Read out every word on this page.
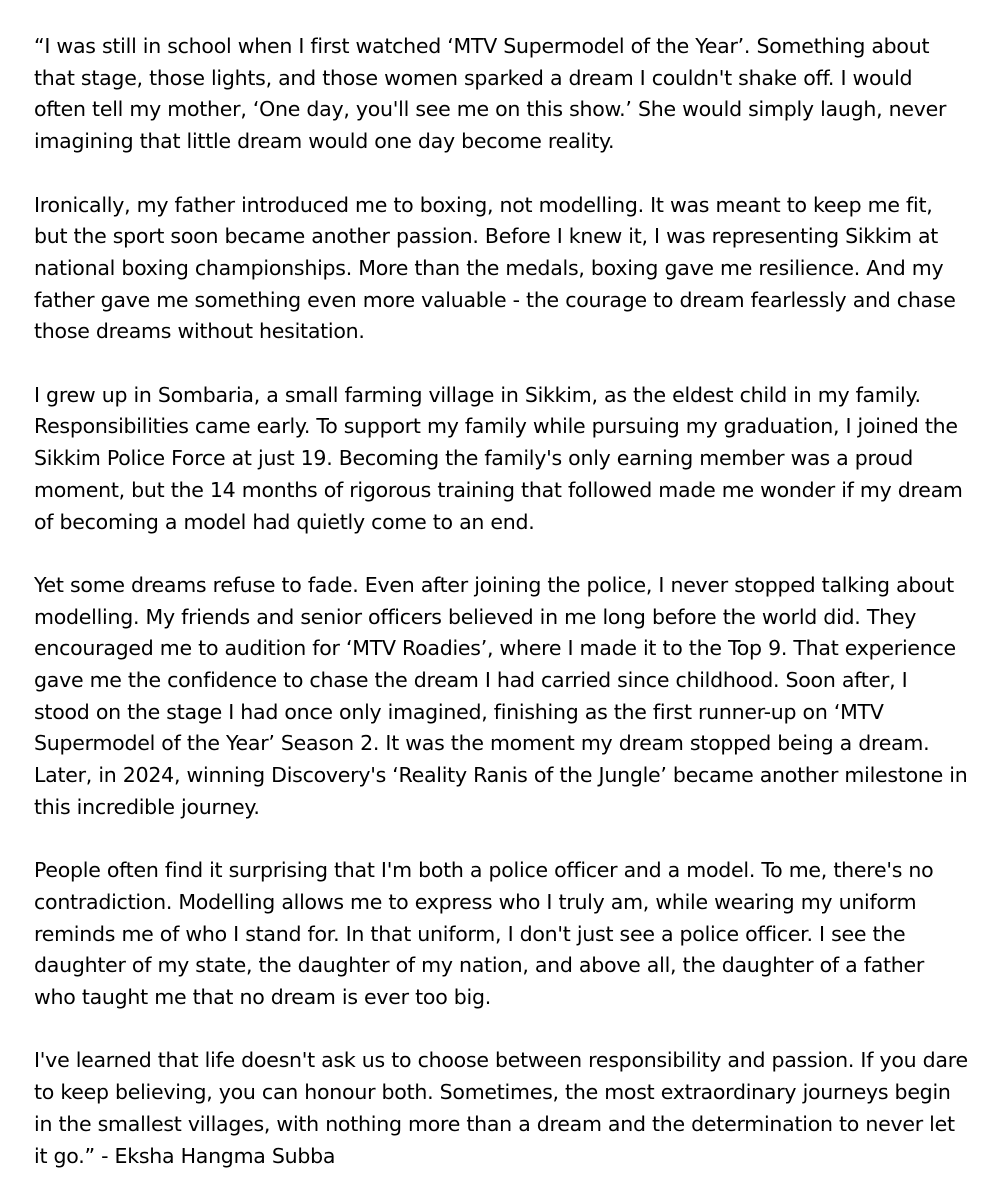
“I was still in school when I first watched ‘MTV Supermodel of the Year’. Something about that stage, those lights, and those women sparked a dream I couldn't shake off. I would often tell my mother, ‘One day, you'll see me on this show.’ She would simply laugh, never imagining that little dream would one day become reality.

Ironically, my father introduced me to boxing, not modelling. It was meant to keep me fit, but the sport soon became another passion. Before I knew it, I was representing Sikkim at national boxing championships. More than the medals, boxing gave me resilience. And my father gave me something even more valuable - the courage to dream fearlessly and chase those dreams without hesitation.

I grew up in Sombaria, a small farming village in Sikkim, as the eldest child in my family. Responsibilities came early. To support my family while pursuing my graduation, I joined the Sikkim Police Force at just 19. Becoming the family's only earning member was a proud moment, but the 14 months of rigorous training that followed made me wonder if my dream of becoming a model had quietly come to an end.

Yet some dreams refuse to fade. Even after joining the police, I never stopped talking about modelling. My friends and senior officers believed in me long before the world did. They encouraged me to audition for ‘MTV Roadies’, where I made it to the Top 9. That experience gave me the confidence to chase the dream I had carried since childhood. Soon after, I stood on the stage I had once only imagined, finishing as the first runner-up on ‘MTV Supermodel of the Year’ Season 2. It was the moment my dream stopped being a dream. Later, in 2024, winning Discovery's ‘Reality Ranis of the Jungle’ became another milestone in this incredible journey.

People often find it surprising that I'm both a police officer and a model. To me, there's no contradiction. Modelling allows me to express who I truly am, while wearing my uniform reminds me of who I stand for. In that uniform, I don't just see a police officer. I see the daughter of my state, the daughter of my nation, and above all, the daughter of a father who taught me that no dream is ever too big.

I've learned that life doesn't ask us to choose between responsibility and passion. If you dare to keep believing, you can honour both. Sometimes, the most extraordinary journeys begin in the smallest villages, with nothing more than a dream and the determination to never let it go.” - Eksha Hangma Subba
